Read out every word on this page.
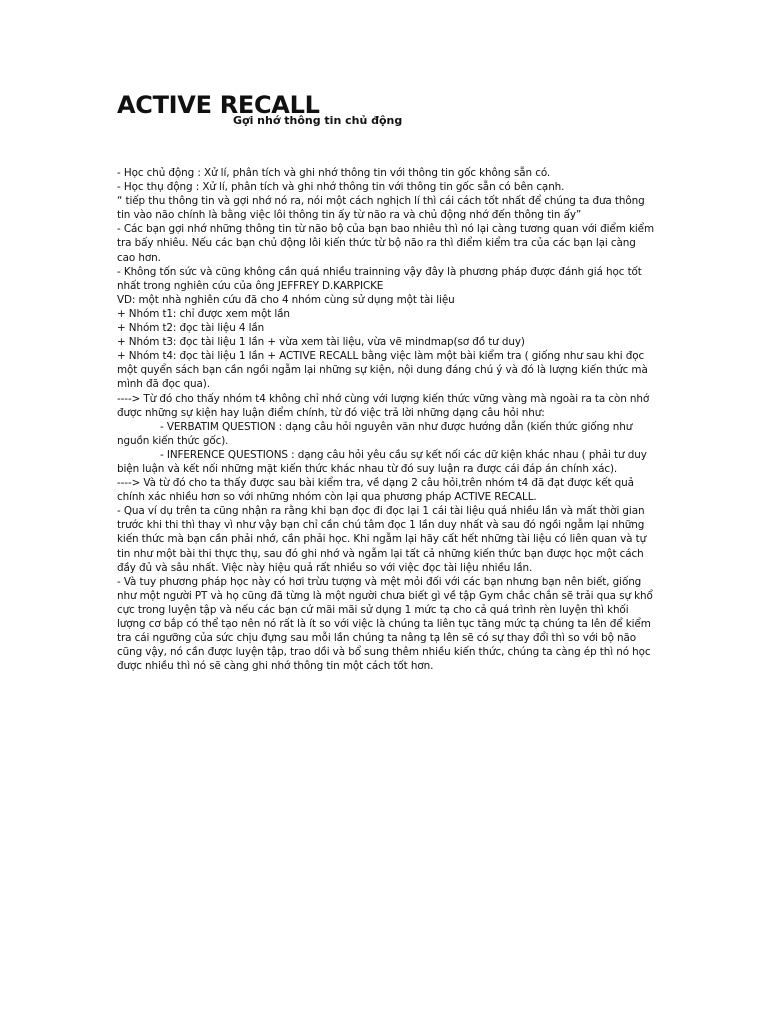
ACTIVE RECALL
Gợi nhớ thông tin chủ động

- Học chủ động : Xử lí, phân tích và ghi nhớ thông tin với thông tin gốc không sẵn có.

- Học thụ động : Xử lí, phân tích và ghi nhớ thông tin với thông tin gốc sẵn có bên cạnh.

“ tiếp thu thông tin và gợi nhớ nó ra, nói một cách nghịch lí thì cái cách tốt nhất để chúng ta đưa thông tin vào não chính là bằng việc lôi thông tin ấy từ não ra và chủ động nhớ đến thông tin ấy”

- Các bạn gợi nhớ những thông tin từ não bộ của bạn bao nhiêu thì nó lại càng tương quan với điểm kiểm tra bấy nhiêu. Nếu các bạn chủ động lôi kiến thức từ bộ não ra thì điểm kiểm tra của các bạn lại càng cao hơn.

- Không tốn sức và cũng không cần quá nhiều trainning vậy đây là phương pháp được đánh giá học tốt nhất trong nghiên cứu của ông JEFFREY D.KARPICKE

VD: một nhà nghiên cứu đã cho 4 nhóm cùng sử dụng một tài liệu

+ Nhóm t1: chỉ được xem một lần

+ Nhóm t2: đọc tài liệu 4 lần

+ Nhóm t3: đọc tài liệu 1 lần + vừa xem tài liệu, vừa vẽ mindmap(sơ đồ tư duy)

+ Nhóm t4: đọc tài liệu 1 lần + ACTIVE RECALL bằng việc làm một bài kiểm tra ( giống như sau khi đọc một quyển sách bạn cần ngồi ngẫm lại những sự kiện, nội dung đáng chú ý và đó là lượng kiến thức mà mình đã đọc qua).

----> Từ đó cho thấy nhóm t4 không chỉ nhớ cùng với lượng kiến thức vững vàng mà ngoài ra ta còn nhớ được những sự kiện hay luận điểm chính, từ đó việc trả lời những dạng câu hỏi như:

- VERBATIM QUESTION : dạng câu hỏi nguyên văn như được hướng dẫn (kiến thức giống như nguồn kiến thức gốc).

- INFERENCE QUESTIONS : dạng câu hỏi yêu cầu sự kết nối các dữ kiện khác nhau ( phải tư duy biện luận và kết nối những mặt kiến thức khác nhau từ đó suy luận ra được cái đáp án chính xác).

----> Và từ đó cho ta thấy được sau bài kiểm tra, về dạng 2 câu hỏi,trên nhóm t4 đã đạt được kết quả chính xác nhiều hơn so với những nhóm còn lại qua phương pháp ACTIVE RECALL.

- Qua ví dụ trên ta cũng nhận ra rằng khi bạn đọc đi đọc lại 1 cái tài liệu quá nhiều lần và mất thời gian trước khi thi thì thay vì như vậy bạn chỉ cần chú tâm đọc 1 lần duy nhất và sau đó ngồi ngẫm lại những kiến thức mà bạn cần phải nhớ, cần phải học. Khi ngẫm lại hãy cất hết những tài liệu có liên quan và tự tin như một bài thi thực thụ, sau đó ghi nhớ và ngẫm lại tất cả những kiến thức bạn được học một cách đầy đủ và sâu nhất. Việc này hiệu quả rất nhiều so với việc đọc tài liệu nhiều lần.

- Và tuy phương pháp học này có hơi trừu tượng và mệt mỏi đối với các bạn nhưng bạn nên biết, giống như một người PT và họ cũng đã từng là một người chưa biết gì về tập Gym chắc chắn sẽ trải qua sự khổ cực trong luyện tập và nếu các bạn cứ mãi mãi sử dụng 1 mức tạ cho cả quá trình rèn luyện thì khối lượng cơ bắp có thể tạo nên nó rất là ít so với việc là chúng ta liên tục tăng mức tạ chúng ta lên để kiểm tra cái ngưỡng của sức chịu đựng sau mỗi lần chúng ta nâng tạ lên sẽ có sự thay đổi thì so với bộ não cũng vậy, nó cần được luyện tập, trao dồi và bổ sung thêm nhiều kiến thức, chúng ta càng ép thì nó học được nhiều thì nó sẽ càng ghi nhớ thông tin một cách tốt hơn.
